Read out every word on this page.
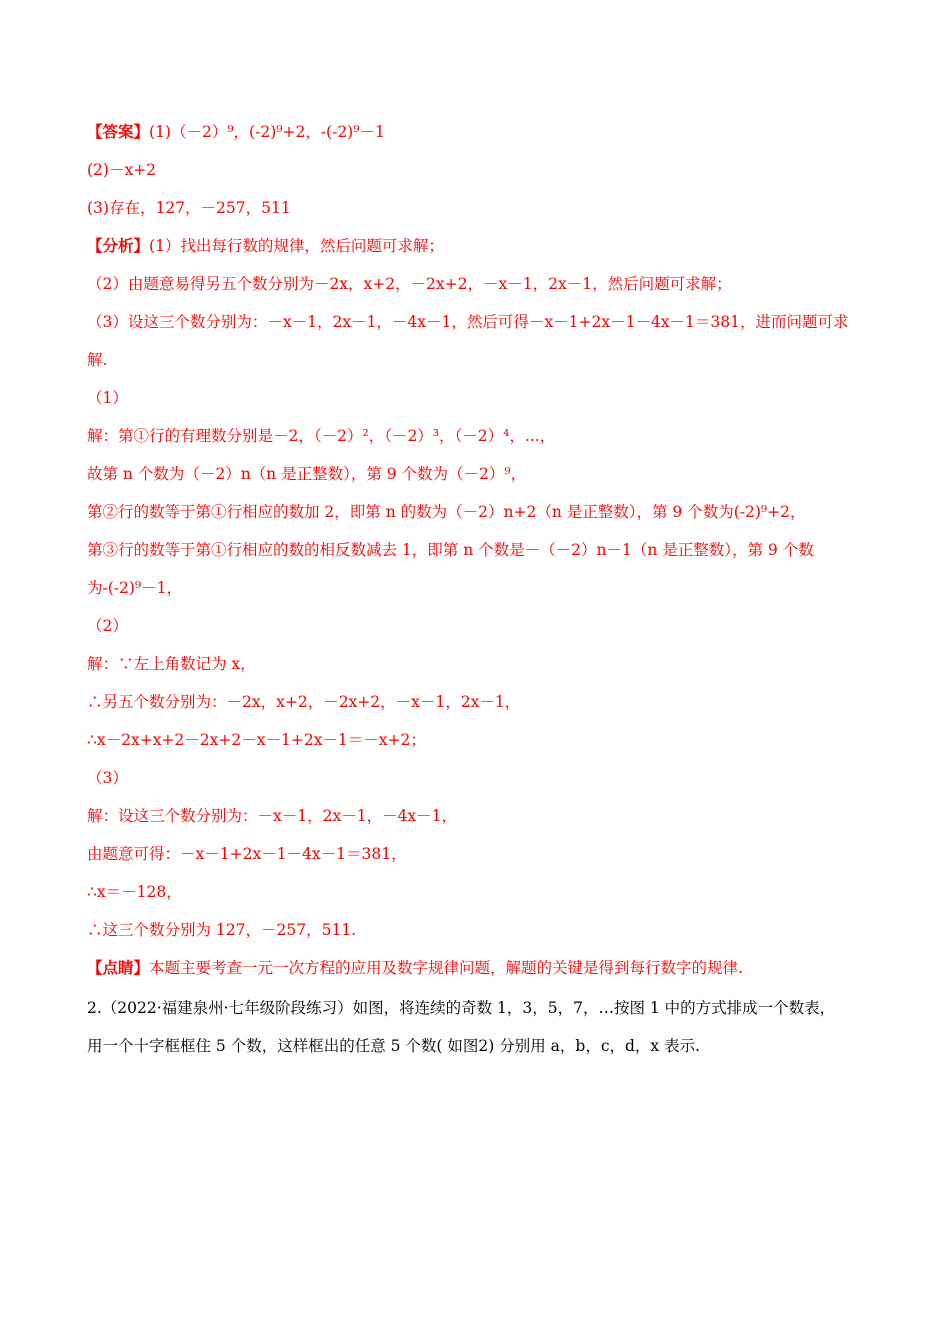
【答案】(1)（－2）⁹，(-2)⁹+2，-(-2)⁹－1
(2)－x+2
(3)存在，127，－257，511
【分析】(1）找出每行数的规律，然后问题可求解；
（2）由题意易得另五个数分别为－2x，x+2，－2x+2，－x－1，2x－1，然后问题可求解；
（3）设这三个数分别为：－x－1，2x－1，－4x－1，然后可得－x－1+2x－1－4x－1＝381，进而问题可求
解.
（1）
解：第①行的有理数分别是－2，（－2）²，（－2）³，（－2）⁴，...，
故第 n 个数为（－2）n（n 是正整数），第 9 个数为（－2）⁹，
第②行的数等于第①行相应的数加 2，即第 n 的数为（－2）n+2（n 是正整数），第 9 个数为(-2)⁹+2，
第③行的数等于第①行相应的数的相反数减去 1，即第 n 个数是－（－2）n－1（n 是正整数），第 9 个数
为-(-2)⁹－1，
（2）
解：∵左上角数记为 x，
∴另五个数分别为：－2x，x+2，－2x+2，－x－1，2x－1，
∴x－2x+x+2－2x+2－x－1+2x－1＝－x+2；
（3）
解：设这三个数分别为：－x－1，2x－1，－4x－1，
由题意可得：－x－1+2x－1－4x－1＝381，
∴x＝－128，
∴这三个数分别为 127，－257，511.
【点睛】本题主要考查一元一次方程的应用及数字规律问题，解题的关键是得到每行数字的规律.
2.（2022·福建泉州·七年级阶段练习）如图，将连续的奇数 1，3，5，7，…按图 1 中的方式排成一个数表，
用一个十字框框住 5 个数，这样框出的任意 5 个数( 如图2) 分别用 a，b，c，d，x 表示.
